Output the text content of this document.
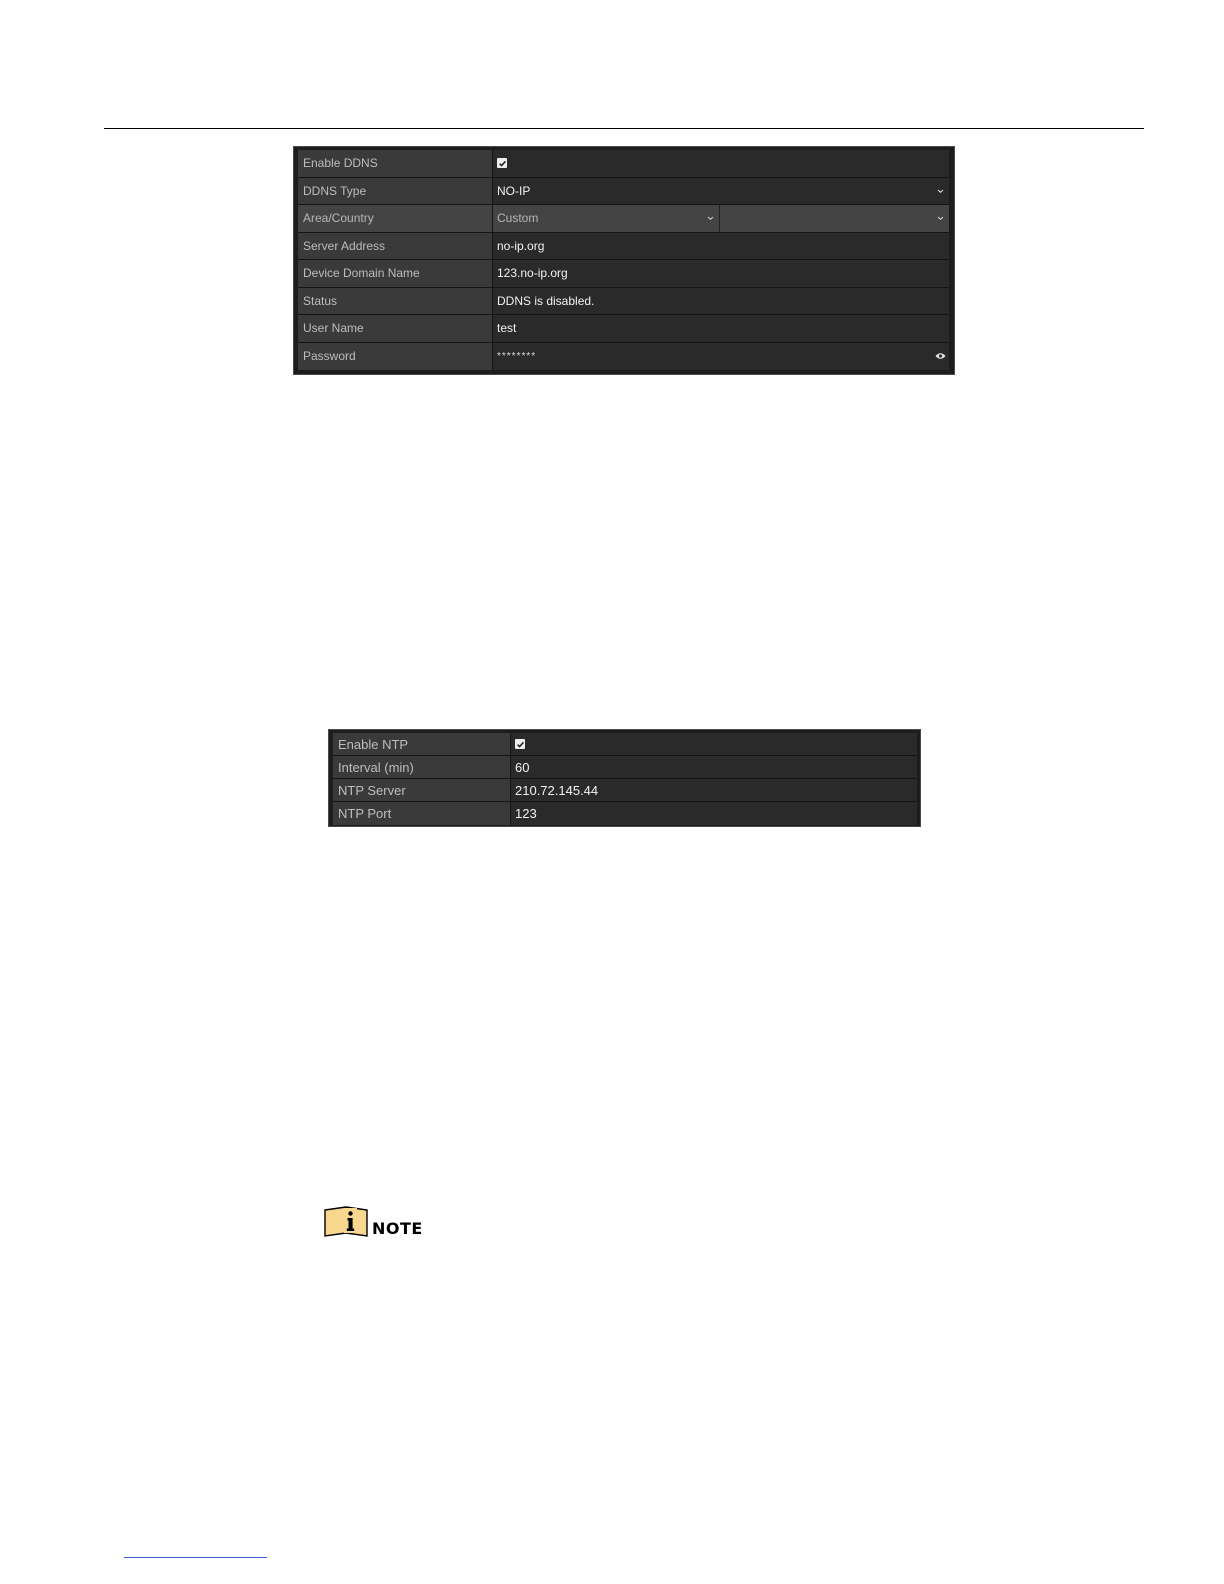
Enable DDNS
DDNS Type	NO-IP
Area/Country	Custom
Server Address	no-ip.org
Device Domain Name	123.no-ip.org
Status	DDNS is disabled.
User Name	test
Password	********
Enable NTP
Interval (min)	60
NTP Server	210.72.145.44
NTP Port	123
NOTE
